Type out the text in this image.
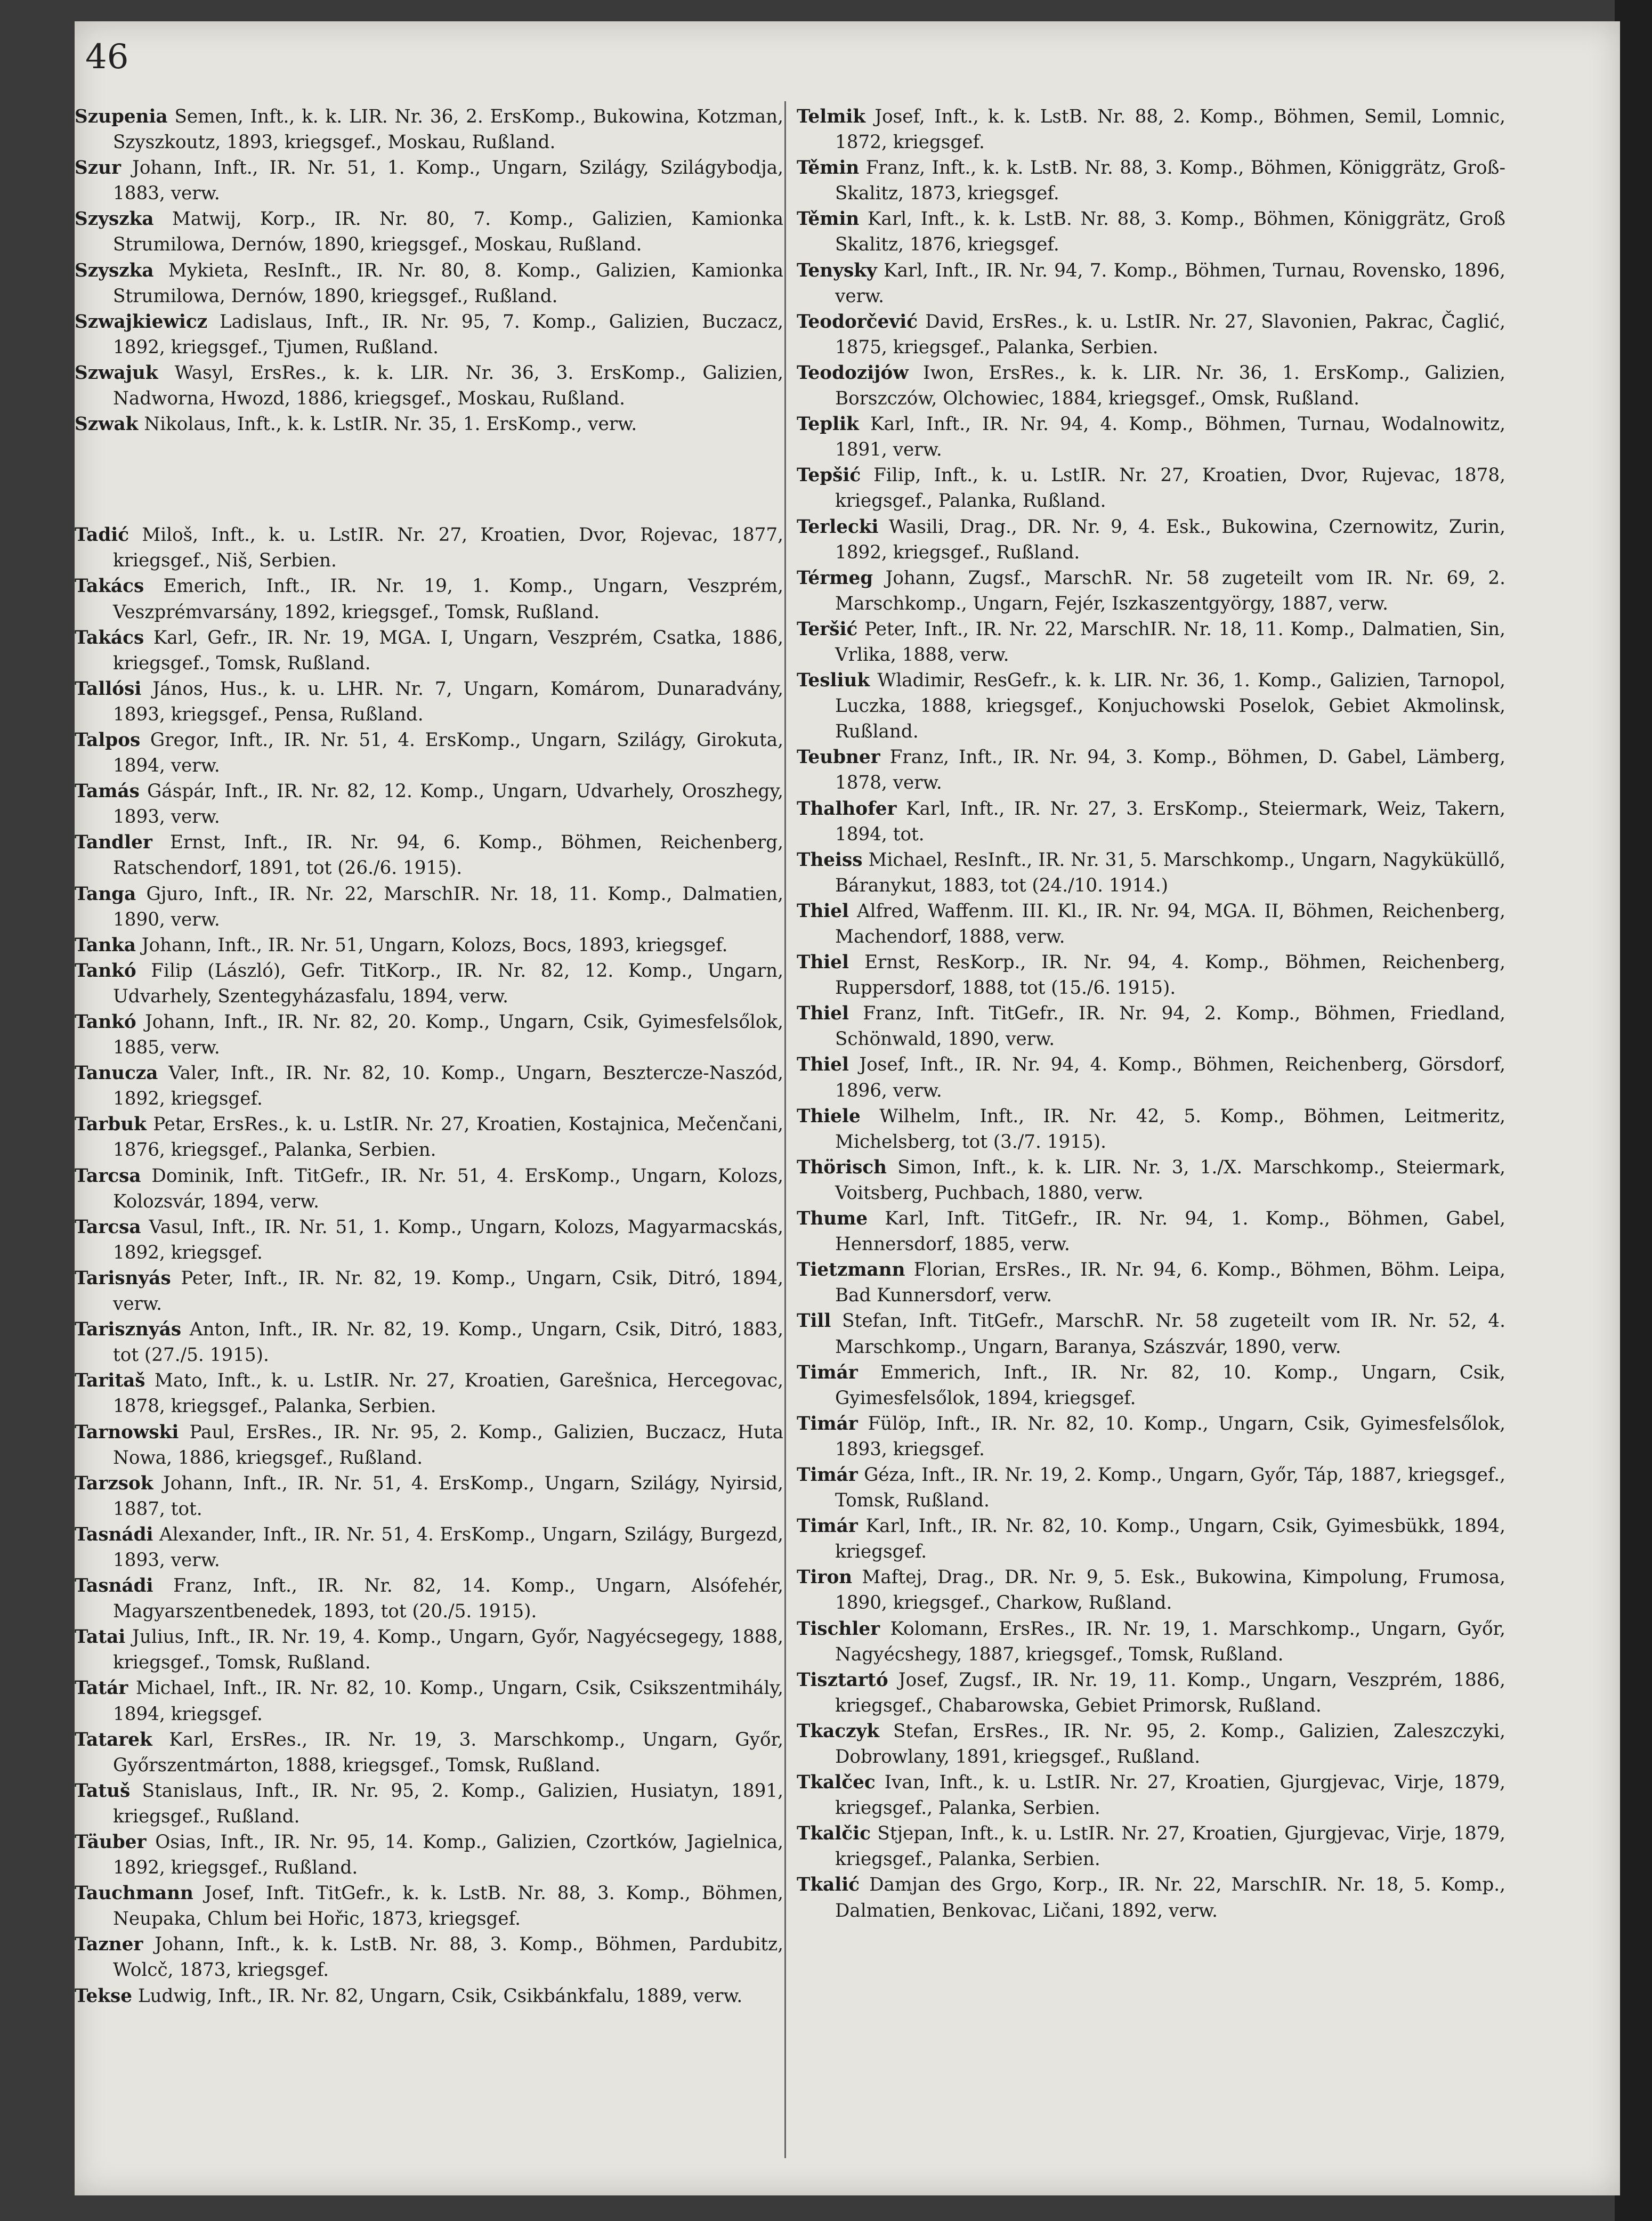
46

Szupenia Semen, Inft., k. k. LIR. Nr. 36, 2. ErsKomp., Bukowina, Kotzman, Szyszkoutz, 1893, kriegsgef., Moskau, Rußland.

Szur Johann, Inft., IR. Nr. 51, 1. Komp., Ungarn, Szilágy, Szilágybodja, 1883, verw.

Szyszka Matwij, Korp., IR. Nr. 80, 7. Komp., Galizien, Kamionka Strumilowa, Dernów, 1890, kriegsgef., Moskau, Rußland.

Szyszka Mykieta, ResInft., IR. Nr. 80, 8. Komp., Galizien, Kamionka Strumilowa, Dernów, 1890, kriegsgef., Rußland.

Szwajkiewicz Ladislaus, Inft., IR. Nr. 95, 7. Komp., Galizien, Buczacz, 1892, kriegsgef., Tjumen, Rußland.

Szwajuk Wasyl, ErsRes., k. k. LIR. Nr. 36, 3. ErsKomp., Galizien, Nadworna, Hwozd, 1886, kriegsgef., Moskau, Rußland.

Szwak Nikolaus, Inft., k. k. LstIR. Nr. 35, 1. ErsKomp., verw.

Tadić Miloš, Inft., k. u. LstIR. Nr. 27, Kroatien, Dvor, Rojevac, 1877, kriegsgef., Niš, Serbien.

Takács Emerich, Inft., IR. Nr. 19, 1. Komp., Ungarn, Veszprém, Veszprémvarsány, 1892, kriegsgef., Tomsk, Rußland.

Takács Karl, Gefr., IR. Nr. 19, MGA. I, Ungarn, Veszprém, Csatka, 1886, kriegsgef., Tomsk, Rußland.

Tallósi János, Hus., k. u. LHR. Nr. 7, Ungarn, Komárom, Dunaradvány, 1893, kriegsgef., Pensa, Rußland.

Talpos Gregor, Inft., IR. Nr. 51, 4. ErsKomp., Ungarn, Szilágy, Girokuta, 1894, verw.

Tamás Gáspár, Inft., IR. Nr. 82, 12. Komp., Ungarn, Udvarhely, Oroszhegy, 1893, verw.

Tandler Ernst, Inft., IR. Nr. 94, 6. Komp., Böhmen, Reichenberg, Ratschendorf, 1891, tot (26./6. 1915).

Tanga Gjuro, Inft., IR. Nr. 22, MarschIR. Nr. 18, 11. Komp., Dalmatien, 1890, verw.

Tanka Johann, Inft., IR. Nr. 51, Ungarn, Kolozs, Bocs, 1893, kriegsgef.

Tankó Filip (László), Gefr. TitKorp., IR. Nr. 82, 12. Komp., Ungarn, Udvarhely, Szentegyházasfalu, 1894, verw.

Tankó Johann, Inft., IR. Nr. 82, 20. Komp., Ungarn, Csik, Gyimesfelsőlok, 1885, verw.

Tanucza Valer, Inft., IR. Nr. 82, 10. Komp., Ungarn, Besztercze-Naszód, 1892, kriegsgef.

Tarbuk Petar, ErsRes., k. u. LstIR. Nr. 27, Kroatien, Kostajnica, Mečenčani, 1876, kriegsgef., Palanka, Serbien.

Tarcsa Dominik, Inft. TitGefr., IR. Nr. 51, 4. ErsKomp., Ungarn, Kolozs, Kolozsvár, 1894, verw.

Tarcsa Vasul, Inft., IR. Nr. 51, 1. Komp., Ungarn, Kolozs, Magyarmacskás, 1892, kriegsgef.

Tarisnyás Peter, Inft., IR. Nr. 82, 19. Komp., Ungarn, Csik, Ditró, 1894, verw.

Tarisznyás Anton, Inft., IR. Nr. 82, 19. Komp., Ungarn, Csik, Ditró, 1883, tot (27./5. 1915).

Taritaš Mato, Inft., k. u. LstIR. Nr. 27, Kroatien, Garešnica, Hercegovac, 1878, kriegsgef., Palanka, Serbien.

Tarnowski Paul, ErsRes., IR. Nr. 95, 2. Komp., Galizien, Buczacz, Huta Nowa, 1886, kriegsgef., Rußland.

Tarzsok Johann, Inft., IR. Nr. 51, 4. ErsKomp., Ungarn, Szilágy, Nyirsid, 1887, tot.

Tasnádi Alexander, Inft., IR. Nr. 51, 4. ErsKomp., Ungarn, Szilágy, Burgezd, 1893, verw.

Tasnádi Franz, Inft., IR. Nr. 82, 14. Komp., Ungarn, Alsófehér, Magyarszentbenedek, 1893, tot (20./5. 1915).

Tatai Julius, Inft., IR. Nr. 19, 4. Komp., Ungarn, Győr, Nagyécsegegy, 1888, kriegsgef., Tomsk, Rußland.

Tatár Michael, Inft., IR. Nr. 82, 10. Komp., Ungarn, Csik, Csikszentmihály, 1894, kriegsgef.

Tatarek Karl, ErsRes., IR. Nr. 19, 3. Marschkomp., Ungarn, Győr, Győrszentmárton, 1888, kriegsgef., Tomsk, Rußland.

Tatuš Stanislaus, Inft., IR. Nr. 95, 2. Komp., Galizien, Husiatyn, 1891, kriegsgef., Rußland.

Täuber Osias, Inft., IR. Nr. 95, 14. Komp., Galizien, Czortków, Jagielnica, 1892, kriegsgef., Rußland.

Tauchmann Josef, Inft. TitGefr., k. k. LstB. Nr. 88, 3. Komp., Böhmen, Neupaka, Chlum bei Hořic, 1873, kriegsgef.

Tazner Johann, Inft., k. k. LstB. Nr. 88, 3. Komp., Böhmen, Pardubitz, Wolcč, 1873, kriegsgef.

Tekse Ludwig, Inft., IR. Nr. 82, Ungarn, Csik, Csikbánkfalu, 1889, verw.

Telmik Josef, Inft., k. k. LstB. Nr. 88, 2. Komp., Böhmen, Semil, Lomnic, 1872, kriegsgef.

Těmin Franz, Inft., k. k. LstB. Nr. 88, 3. Komp., Böhmen, Königgrätz, Groß-Skalitz, 1873, kriegsgef.

Těmin Karl, Inft., k. k. LstB. Nr. 88, 3. Komp., Böhmen, Königgrätz, Groß Skalitz, 1876, kriegsgef.

Tenysky Karl, Inft., IR. Nr. 94, 7. Komp., Böhmen, Turnau, Rovensko, 1896, verw.

Teodorčević David, ErsRes., k. u. LstIR. Nr. 27, Slavonien, Pakrac, Čaglić, 1875, kriegsgef., Palanka, Serbien.

Teodozijów Iwon, ErsRes., k. k. LIR. Nr. 36, 1. ErsKomp., Galizien, Borszczów, Olchowiec, 1884, kriegsgef., Omsk, Rußland.

Teplik Karl, Inft., IR. Nr. 94, 4. Komp., Böhmen, Turnau, Wodalnowitz, 1891, verw.

Tepšić Filip, Inft., k. u. LstIR. Nr. 27, Kroatien, Dvor, Rujevac, 1878, kriegsgef., Palanka, Rußland.

Terlecki Wasili, Drag., DR. Nr. 9, 4. Esk., Bukowina, Czernowitz, Zurin, 1892, kriegsgef., Rußland.

Térmeg Johann, Zugsf., MarschR. Nr. 58 zugeteilt vom IR. Nr. 69, 2. Marschkomp., Ungarn, Fejér, Iszkaszentgyörgy, 1887, verw.

Teršić Peter, Inft., IR. Nr. 22, MarschIR. Nr. 18, 11. Komp., Dalmatien, Sin, Vrlika, 1888, verw.

Tesliuk Wladimir, ResGefr., k. k. LIR. Nr. 36, 1. Komp., Galizien, Tarnopol, Luczka, 1888, kriegsgef., Konjuchowski Poselok, Gebiet Akmolinsk, Rußland.

Teubner Franz, Inft., IR. Nr. 94, 3. Komp., Böhmen, D. Gabel, Lämberg, 1878, verw.

Thalhofer Karl, Inft., IR. Nr. 27, 3. ErsKomp., Steiermark, Weiz, Takern, 1894, tot.

Theiss Michael, ResInft., IR. Nr. 31, 5. Marschkomp., Ungarn, Nagyküküllő, Báranykut, 1883, tot (24./10. 1914.)

Thiel Alfred, Waffenm. III. Kl., IR. Nr. 94, MGA. II, Böhmen, Reichenberg, Machendorf, 1888, verw.

Thiel Ernst, ResKorp., IR. Nr. 94, 4. Komp., Böhmen, Reichenberg, Ruppersdorf, 1888, tot (15./6. 1915).

Thiel Franz, Inft. TitGefr., IR. Nr. 94, 2. Komp., Böhmen, Friedland, Schönwald, 1890, verw.

Thiel Josef, Inft., IR. Nr. 94, 4. Komp., Böhmen, Reichenberg, Görsdorf, 1896, verw.

Thiele Wilhelm, Inft., IR. Nr. 42, 5. Komp., Böhmen, Leitmeritz, Michelsberg, tot (3./7. 1915).

Thörisch Simon, Inft., k. k. LIR. Nr. 3, 1./X. Marschkomp., Steiermark, Voitsberg, Puchbach, 1880, verw.

Thume Karl, Inft. TitGefr., IR. Nr. 94, 1. Komp., Böhmen, Gabel, Hennersdorf, 1885, verw.

Tietzmann Florian, ErsRes., IR. Nr. 94, 6. Komp., Böhmen, Böhm. Leipa, Bad Kunnersdorf, verw.

Till Stefan, Inft. TitGefr., MarschR. Nr. 58 zugeteilt vom IR. Nr. 52, 4. Marschkomp., Ungarn, Baranya, Szászvár, 1890, verw.

Timár Emmerich, Inft., IR. Nr. 82, 10. Komp., Ungarn, Csik, Gyimesfelsőlok, 1894, kriegsgef.

Timár Fülöp, Inft., IR. Nr. 82, 10. Komp., Ungarn, Csik, Gyimesfelsőlok, 1893, kriegsgef.

Timár Géza, Inft., IR. Nr. 19, 2. Komp., Ungarn, Győr, Táp, 1887, kriegsgef., Tomsk, Rußland.

Timár Karl, Inft., IR. Nr. 82, 10. Komp., Ungarn, Csik, Gyimesbükk, 1894, kriegsgef.

Tiron Maftej, Drag., DR. Nr. 9, 5. Esk., Bukowina, Kimpolung, Frumosa, 1890, kriegsgef., Charkow, Rußland.

Tischler Kolomann, ErsRes., IR. Nr. 19, 1. Marschkomp., Ungarn, Győr, Nagyécshegy, 1887, kriegsgef., Tomsk, Rußland.

Tisztartó Josef, Zugsf., IR. Nr. 19, 11. Komp., Ungarn, Veszprém, 1886, kriegsgef., Chabarowska, Gebiet Primorsk, Rußland.

Tkaczyk Stefan, ErsRes., IR. Nr. 95, 2. Komp., Galizien, Zaleszczyki, Dobrowlany, 1891, kriegsgef., Rußland.

Tkalčec Ivan, Inft., k. u. LstIR. Nr. 27, Kroatien, Gjurgjevac, Virje, 1879, kriegsgef., Palanka, Serbien.

Tkalčic Stjepan, Inft., k. u. LstIR. Nr. 27, Kroatien, Gjurgjevac, Virje, 1879, kriegsgef., Palanka, Serbien.

Tkalić Damjan des Grgo, Korp., IR. Nr. 22, MarschIR. Nr. 18, 5. Komp., Dalmatien, Benkovac, Ličani, 1892, verw.
